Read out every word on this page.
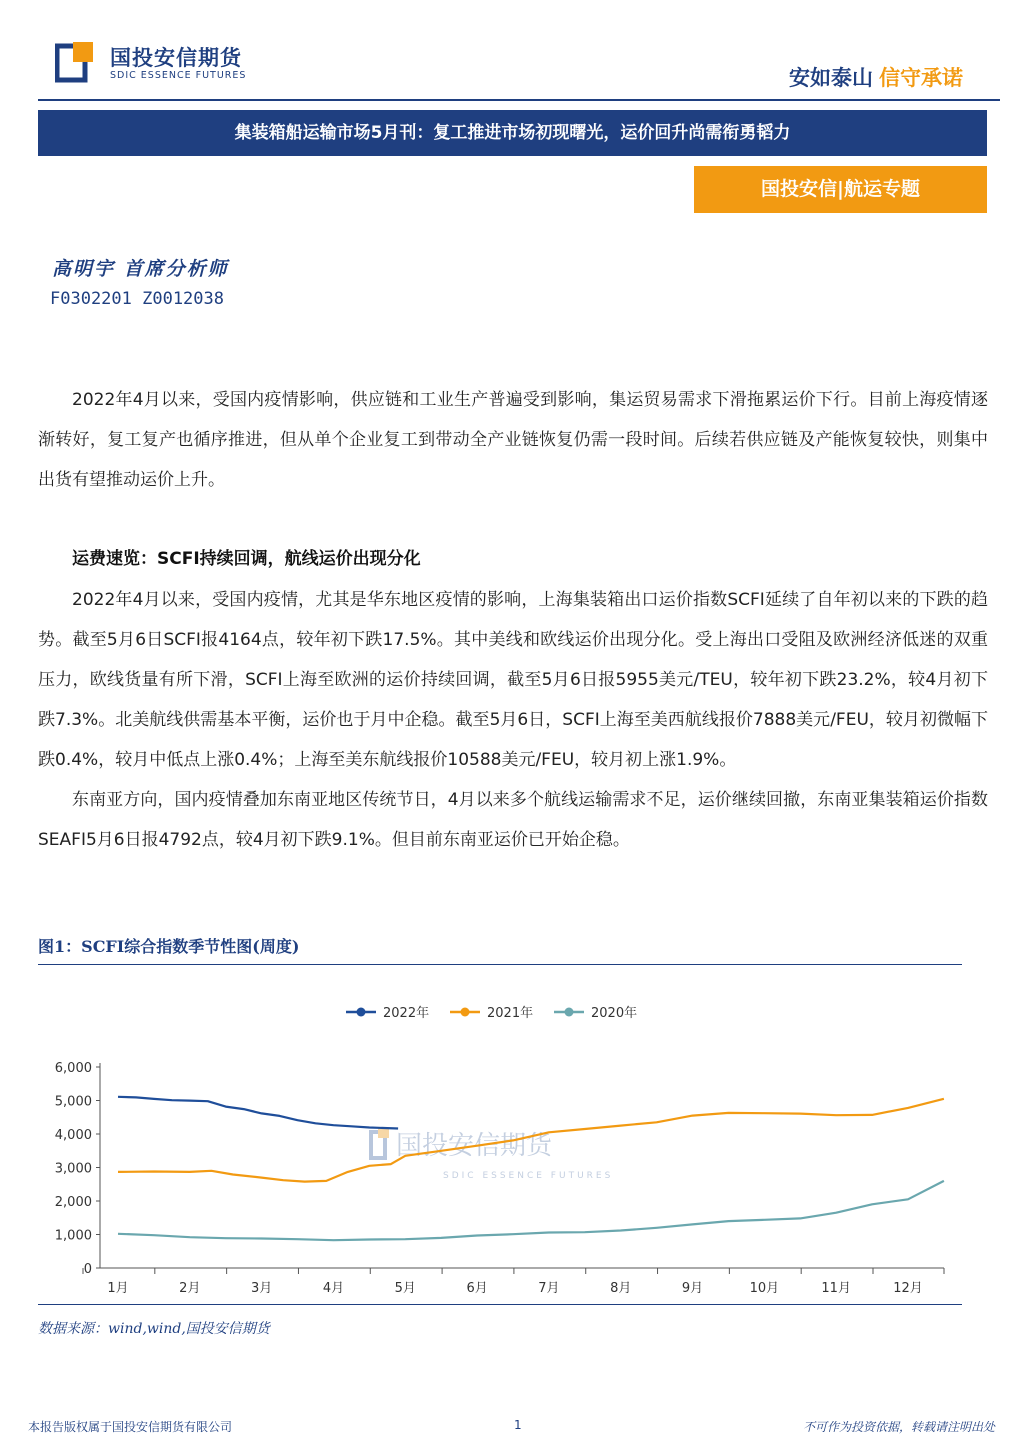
国投安信期货
SDIC ESSENCE FUTURES	安如泰山 信守承诺
集装箱船运输市场5月刊：复工推进市场初现曙光，运价回升尚需衔勇韬力
国投安信|航运专题
高明宇 首席分析师
F0302201 Z0012038

2022年4月以来，受国内疫情影响，供应链和工业生产普遍受到影响，集运贸易需求下滑拖累运价下行。目前上海疫情逐渐转好，复工复产也循序推进，但从单个企业复工到带动全产业链恢复仍需一段时间。后续若供应链及产能恢复较快，则集中出货有望推动运价上升。

运费速览：SCFI持续回调，航线运价出现分化

2022年4月以来，受国内疫情，尤其是华东地区疫情的影响，上海集装箱出口运价指数SCFI延续了自年初以来的下跌的趋势。截至5月6日SCFI报4164点，较年初下跌17.5%。其中美线和欧线运价出现分化。受上海出口受阻及欧洲经济低迷的双重压力，欧线货量有所下滑，SCFI上海至欧洲的运价持续回调，截至5月6日报5955美元/TEU，较年初下跌23.2%，较4月初下跌7.3%。北美航线供需基本平衡，运价也于月中企稳。截至5月6日，SCFI上海至美西航线报价7888美元/FEU，较月初微幅下跌0.4%，较月中低点上涨0.4%；上海至美东航线报价10588美元/FEU，较月初上涨1.9%。

东南亚方向，国内疫情叠加东南亚地区传统节日，4月以来多个航线运输需求不足，运价继续回撤，东南亚集装箱运价指数SEAFI5月6日报4792点，较4月初下跌9.1%。但目前东南亚运价已开始企稳。

图1：SCFI综合指数季节性图(周度)
2022年	2021年	2020年
国投安信期货
SDIC ESSENCE FUTURES
0
1,000
2,000
3,000
4,000
5,000
6,000
1月	2月	3月	4月	5月	6月	7月	8月	9月	10月	11月	12月
数据来源：wind,wind,国投安信期货
本报告版权属于国投安信期货有限公司	1	不可作为投资依据，转载请注明出处
